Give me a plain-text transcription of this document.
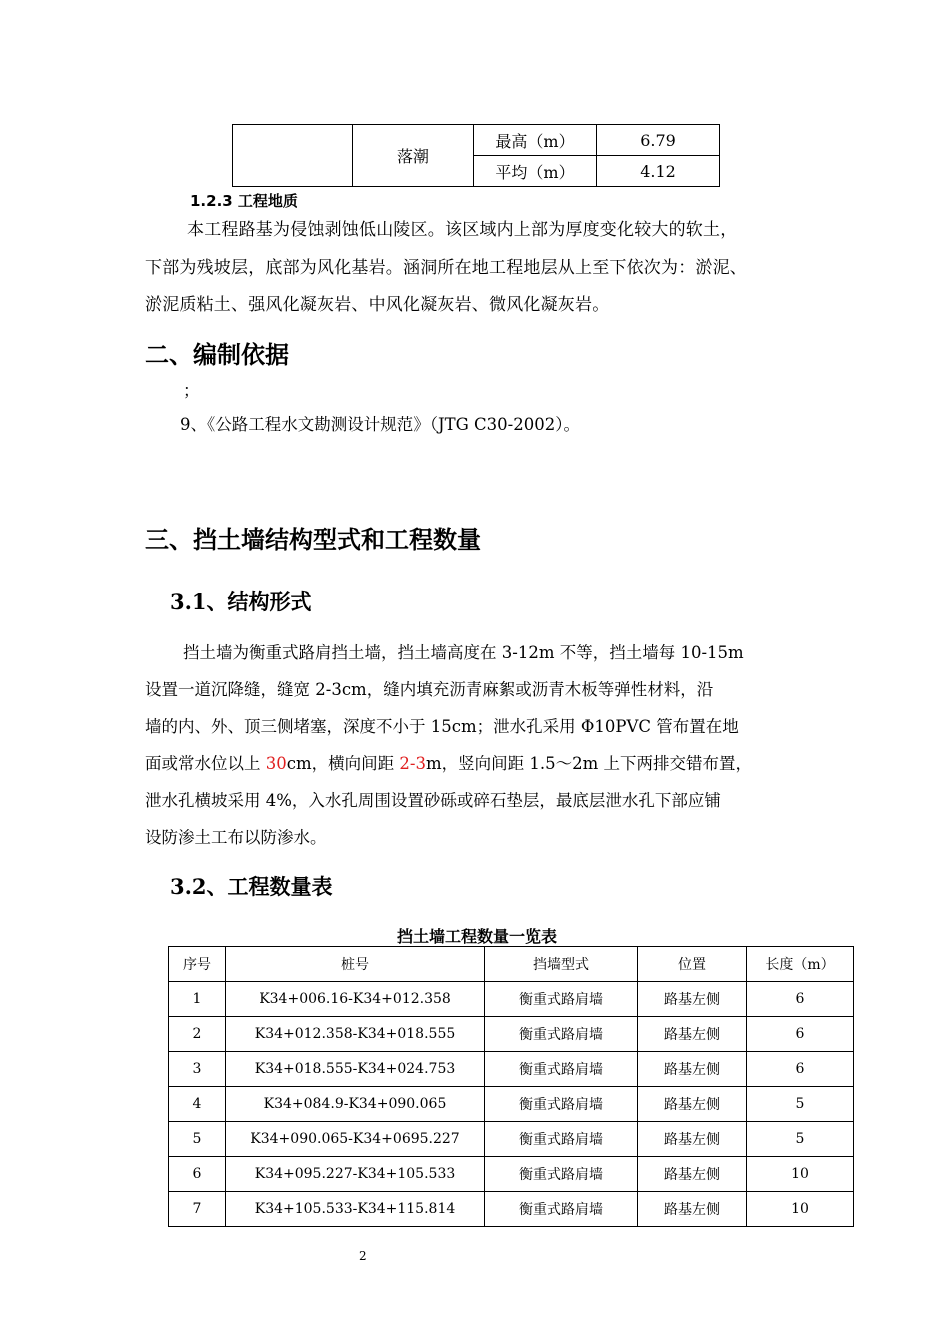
	落潮	最高（m）	6.79
		平均（m）	4.12
1.2.3 工程地质
本工程路基为侵蚀剥蚀低山陵区。该区域内上部为厚度变化较大的软土，
下部为残坡层，底部为风化基岩。涵洞所在地工程地层从上至下依次为：淤泥、
淤泥质粘土、强风化凝灰岩、中风化凝灰岩、微风化凝灰岩。
二、编制依据
；
9、《公路工程水文勘测设计规范》（JTG C30-2002）。
三、挡土墙结构型式和工程数量
3.1、结构形式
挡土墙为衡重式路肩挡土墙，挡土墙高度在 3-12m 不等，挡土墙每 10-15m
设置一道沉降缝，缝宽 2-3cm，缝内填充沥青麻絮或沥青木板等弹性材料，沿
墙的内、外、顶三侧堵塞，深度不小于 15cm；泄水孔采用 Φ10PVC 管布置在地
面或常水位以上 30cm，横向间距 2-3m，竖向间距 1.5～2m 上下两排交错布置，
泄水孔横坡采用 4%，入水孔周围设置砂砾或碎石垫层，最底层泄水孔下部应铺
设防渗土工布以防渗水。
3.2、工程数量表
挡土墙工程数量一览表
序号	桩号	挡墙型式	位置	长度（m）
1	K34+006.16-K34+012.358	衡重式路肩墙	路基左侧	6
2	K34+012.358-K34+018.555	衡重式路肩墙	路基左侧	6
3	K34+018.555-K34+024.753	衡重式路肩墙	路基左侧	6
4	K34+084.9-K34+090.065	衡重式路肩墙	路基左侧	5
5	K34+090.065-K34+0695.227	衡重式路肩墙	路基左侧	5
6	K34+095.227-K34+105.533	衡重式路肩墙	路基左侧	10
7	K34+105.533-K34+115.814	衡重式路肩墙	路基左侧	10
2
